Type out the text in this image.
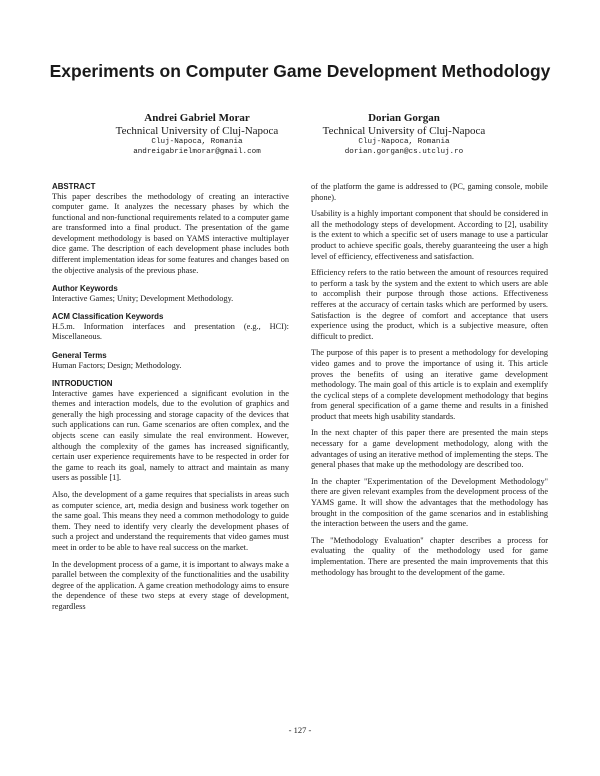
Experiments on Computer Game Development Methodology
Andrei Gabriel Morar
Technical University of Cluj-Napoca
Cluj-Napoca, Romania
andreigabrielmorar@gmail.com
Dorian Gorgan
Technical University of Cluj-Napoca
Cluj-Napoca, Romania
dorian.gorgan@cs.utcluj.ro
ABSTRACT

This paper describes the methodology of creating an interactive computer game. It analyzes the necessary phases by which the functional and non-functional requirements related to a computer game are transformed into a final product. The presentation of the game development methodology is based on YAMS interactive multiplayer dice game. The description of each development phase includes both different implementation ideas for some features and changes based on the objective analysis of the previous phase.

Author Keywords

Interactive Games; Unity; Development Methodology.

ACM Classification Keywords

H.5.m. Information interfaces and presentation (e.g., HCI): Miscellaneous.

General Terms

Human Factors; Design; Methodology.

INTRODUCTION

Interactive games have experienced a significant evolution in the themes and interaction models, due to the evolution of graphics and generally the high processing and storage capacity of the devices that such applications can run. Game scenarios are often complex, and the objects scene can easily simulate the real environment. However, although the complexity of the games has increased significantly, certain user experience requirements have to be respected in order for the game to reach its goal, namely to attract and maintain as many users as possible [1].

Also, the development of a game requires that specialists in areas such as computer science, art, media design and business work together on the same goal. This means they need a common methodology to guide them. They need to identify very clearly the development phases of such a project and understand the requirements that video games must meet in order to be able to have real success on the market.

In the development process of a game, it is important to always make a parallel between the complexity of the functionalities and the usability degree of the application. A game creation methodology aims to ensure the dependence of these two steps at every stage of development, regardless

of the platform the game is addressed to (PC, gaming console, mobile phone).

Usability is a highly important component that should be considered in all the methodology steps of development. According to [2], usability is the extent to which a specific set of users manage to use a particular product to achieve specific goals, thereby guaranteeing the user a high level of efficiency, effectiveness and satisfaction.

Efficiency refers to the ratio between the amount of resources required to perform a task by the system and the extent to which users are able to accomplish their purpose through those actions. Effectiveness refferes at the accuracy of certain tasks which are performed by users. Satisfaction is the degree of comfort and acceptance that users experience using the product, which is a subjective measure, often difficult to predict.

The purpose of this paper is to present a methodology for developing video games and to prove the importance of using it. This article proves the benefits of using an iterative game development methodology. The main goal of this article is to explain and exemplify the cyclical steps of a complete development methodology that begins from general specification of a game theme and results in a finished product that meets high usability standards.

In the next chapter of this paper there are presented the main steps necessary for a game development methodology, along with the advantages of using an iterative method of implementing the steps. The general phases that make up the methodology are described too.

In the chapter "Experimentation of the Development Methodology" there are given relevant examples from the development process of the YAMS game. It will show the advantages that the methodology has brought in the composition of the game scenarios and in establishing the interaction between the users and the game.

The "Methodology Evaluation" chapter describes a process for evaluating the quality of the methodology used for game implementation. There are presented the main improvements that this methodology has brought to the development of the game.

- 127 -
